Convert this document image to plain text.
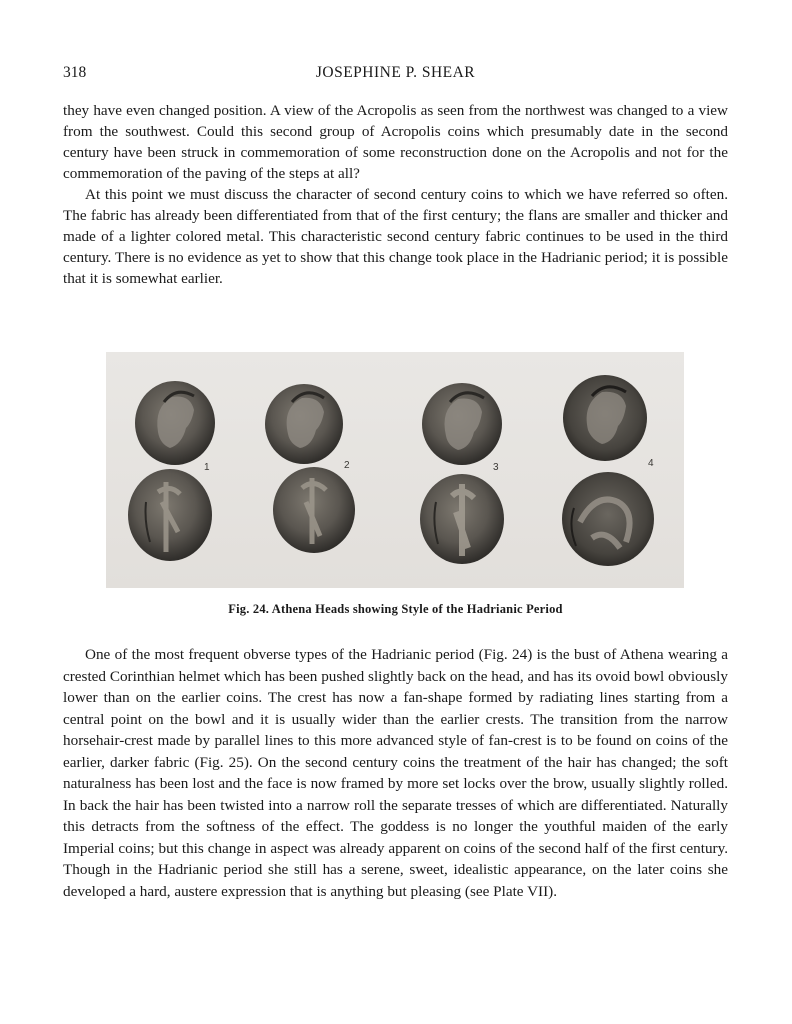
318	JOSEPHINE P. SHEAR

they have even changed position. A view of the Acropolis as seen from the northwest was changed to a view from the southwest. Could this second group of Acropolis coins which presumably date in the second century have been struck in commemoration of some reconstruction done on the Acropolis and not for the commemoration of the paving of the steps at all?

At this point we must discuss the character of second century coins to which we have referred so often. The fabric has already been differentiated from that of the first century; the flans are smaller and thicker and made of a lighter colored metal. This characteristic second century fabric continues to be used in the third century. There is no evidence as yet to show that this change took place in the Hadrianic period; it is possible that it is somewhat earlier.

1	2	3	4
Fig. 24. Athena Heads showing Style of the Hadrianic Period

One of the most frequent obverse types of the Hadrianic period (Fig. 24) is the bust of Athena wearing a crested Corinthian helmet which has been pushed slightly back on the head, and has its ovoid bowl obviously lower than on the earlier coins. The crest has now a fan-shape formed by radiating lines starting from a central point on the bowl and it is usually wider than the earlier crests. The transition from the narrow horsehair-crest made by parallel lines to this more advanced style of fan-crest is to be found on coins of the earlier, darker fabric (Fig. 25). On the second century coins the treatment of the hair has changed; the soft naturalness has been lost and the face is now framed by more set locks over the brow, usually slightly rolled. In back the hair has been twisted into a narrow roll the separate tresses of which are differentiated. Naturally this detracts from the softness of the effect. The goddess is no longer the youthful maiden of the early Imperial coins; but this change in aspect was already apparent on coins of the second half of the first century. Though in the Hadrianic period she still has a serene, sweet, idealistic appearance, on the later coins she developed a hard, austere expression that is anything but pleasing (see Plate VII).
